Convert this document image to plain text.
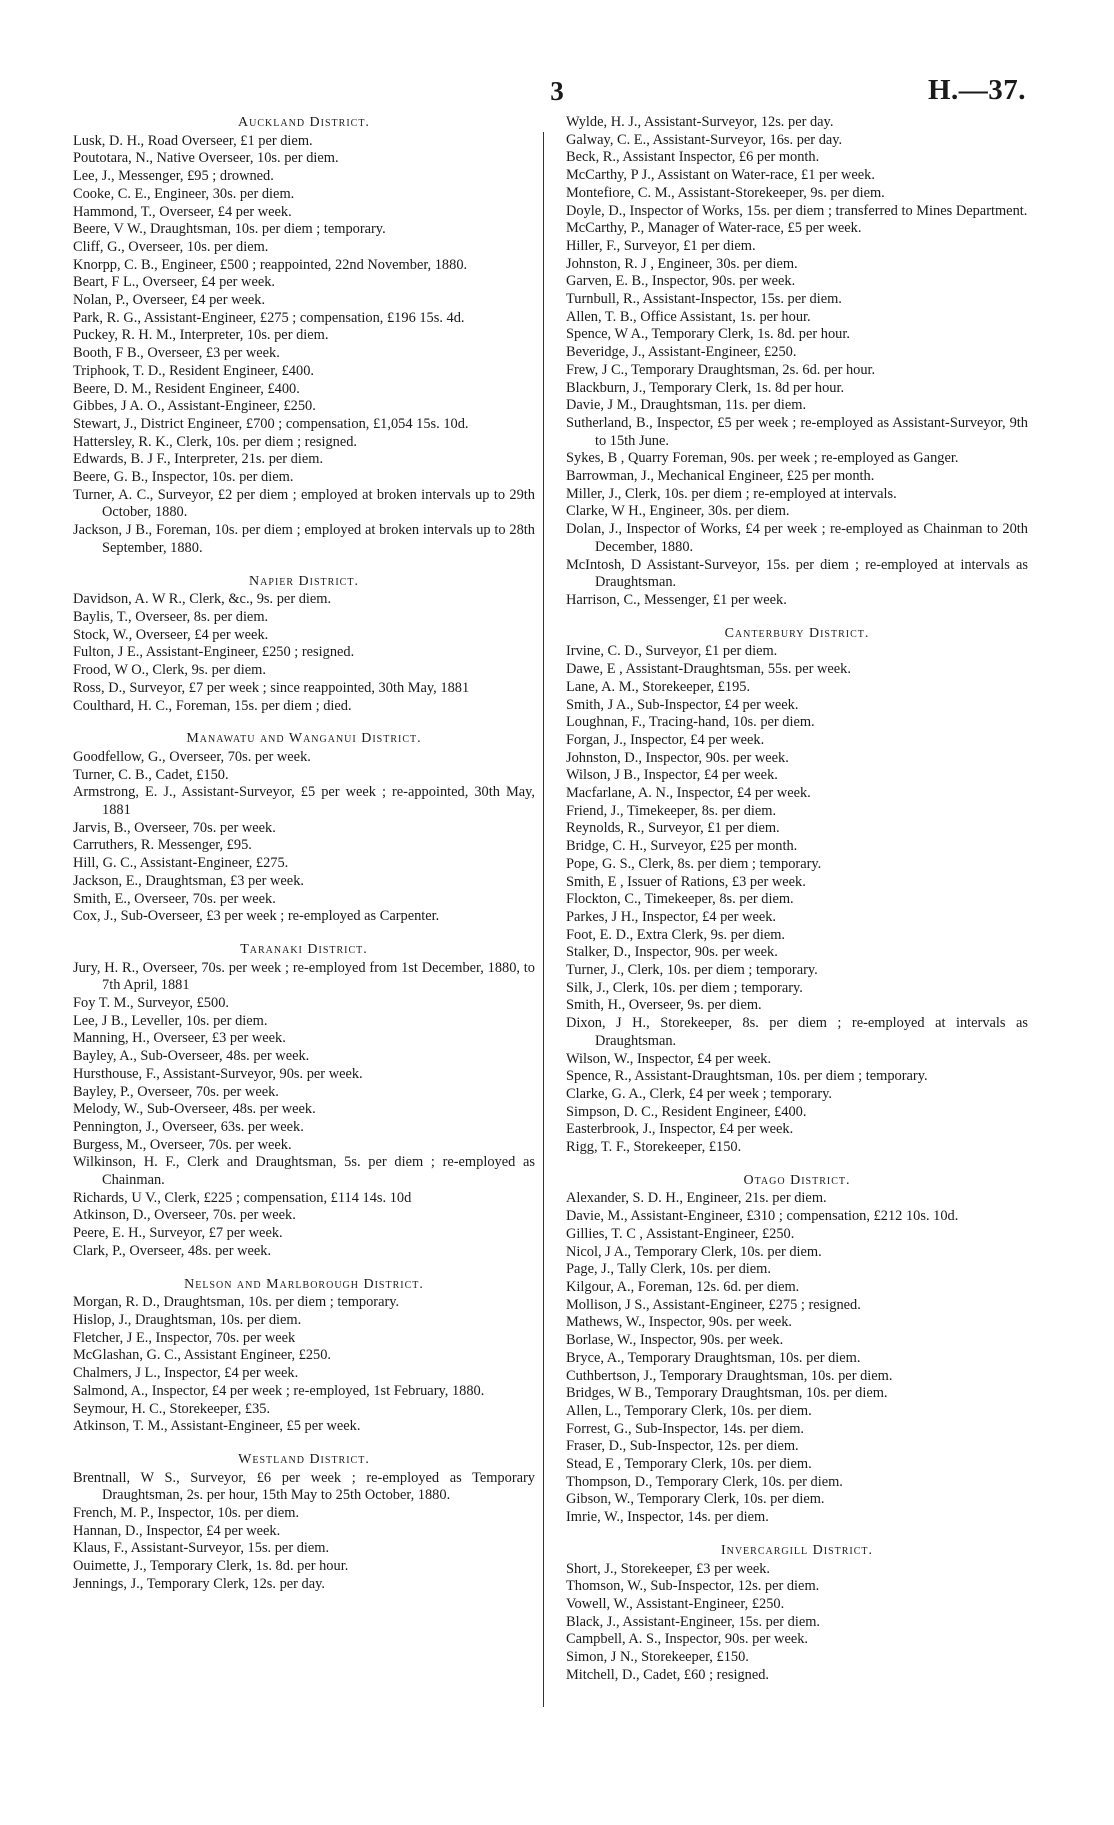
3	H.—37.
Auckland District.
Lusk, D. H., Road Overseer, £1 per diem.
Poutotara, N., Native Overseer, 10s. per diem.
Lee, J., Messenger, £95 ; drowned.
Cooke, C. E., Engineer, 30s. per diem.
Hammond, T., Overseer, £4 per week.
Beere, V W., Draughtsman, 10s. per diem ; temporary.
Cliff, G., Overseer, 10s. per diem.
Knorpp, C. B., Engineer, £500 ; reappointed, 22nd November, 1880.
Beart, F L., Overseer, £4 per week.
Nolan, P., Overseer, £4 per week.
Park, R. G., Assistant-Engineer, £275 ; compensation, £196 15s. 4d.
Puckey, R. H. M., Interpreter, 10s. per diem.
Booth, F B., Overseer, £3 per week.
Triphook, T. D., Resident Engineer, £400.
Beere, D. M., Resident Engineer, £400.
Gibbes, J A. O., Assistant-Engineer, £250.
Stewart, J., District Engineer, £700 ; compensation, £1,054 15s. 10d.
Hattersley, R. K., Clerk, 10s. per diem ; resigned.
Edwards, B. J F., Interpreter, 21s. per diem.
Beere, G. B., Inspector, 10s. per diem.
Turner, A. C., Surveyor, £2 per diem ; employed at broken intervals up to 29th October, 1880.
Jackson, J B., Foreman, 10s. per diem ; employed at broken intervals up to 28th September, 1880.
Napier District.
Davidson, A. W R., Clerk, &c., 9s. per diem.
Baylis, T., Overseer, 8s. per diem.
Stock, W., Overseer, £4 per week.
Fulton, J E., Assistant-Engineer, £250 ; resigned.
Frood, W O., Clerk, 9s. per diem.
Ross, D., Surveyor, £7 per week ; since reappointed, 30th May, 1881
Coulthard, H. C., Foreman, 15s. per diem ; died.
Manawatu and Wanganui District.
Goodfellow, G., Overseer, 70s. per week.
Turner, C. B., Cadet, £150.
Armstrong, E. J., Assistant-Surveyor, £5 per week ; re-appointed, 30th May, 1881
Jarvis, B., Overseer, 70s. per week.
Carruthers, R. Messenger, £95.
Hill, G. C., Assistant-Engineer, £275.
Jackson, E., Draughtsman, £3 per week.
Smith, E., Overseer, 70s. per week.
Cox, J., Sub-Overseer, £3 per week ; re-employed as Carpenter.
Taranaki District.
Jury, H. R., Overseer, 70s. per week ; re-employed from 1st December, 1880, to 7th April, 1881
Foy T. M., Surveyor, £500.
Lee, J B., Leveller, 10s. per diem.
Manning, H., Overseer, £3 per week.
Bayley, A., Sub-Overseer, 48s. per week.
Hursthouse, F., Assistant-Surveyor, 90s. per week.
Bayley, P., Overseer, 70s. per week.
Melody, W., Sub-Overseer, 48s. per week.
Pennington, J., Overseer, 63s. per week.
Burgess, M., Overseer, 70s. per week.
Wilkinson, H. F., Clerk and Draughtsman, 5s. per diem ; re-employed as Chainman.
Richards, U V., Clerk, £225 ; compensation, £114 14s. 10d
Atkinson, D., Overseer, 70s. per week.
Peere, E. H., Surveyor, £7 per week.
Clark, P., Overseer, 48s. per week.
Nelson and Marlborough District.
Morgan, R. D., Draughtsman, 10s. per diem ; temporary.
Hislop, J., Draughtsman, 10s. per diem.
Fletcher, J E., Inspector, 70s. per week
McGlashan, G. C., Assistant Engineer, £250.
Chalmers, J L., Inspector, £4 per week.
Salmond, A., Inspector, £4 per week ; re-employed, 1st February, 1880.
Seymour, H. C., Storekeeper, £35.
Atkinson, T. M., Assistant-Engineer, £5 per week.
Westland District.
Brentnall, W S., Surveyor, £6 per week ; re-employed as Temporary Draughtsman, 2s. per hour, 15th May to 25th October, 1880.
French, M. P., Inspector, 10s. per diem.
Hannan, D., Inspector, £4 per week.
Klaus, F., Assistant-Surveyor, 15s. per diem.
Ouimette, J., Temporary Clerk, 1s. 8d. per hour.
Jennings, J., Temporary Clerk, 12s. per day.
Wylde, H. J., Assistant-Surveyor, 12s. per day.
Galway, C. E., Assistant-Surveyor, 16s. per day.
Beck, R., Assistant Inspector, £6 per month.
McCarthy, P J., Assistant on Water-race, £1 per week.
Montefiore, C. M., Assistant-Storekeeper, 9s. per diem.
Doyle, D., Inspector of Works, 15s. per diem ; transferred to Mines Department.
McCarthy, P., Manager of Water-race, £5 per week.
Hiller, F., Surveyor, £1 per diem.
Johnston, R. J , Engineer, 30s. per diem.
Garven, E. B., Inspector, 90s. per week.
Turnbull, R., Assistant-Inspector, 15s. per diem.
Allen, T. B., Office Assistant, 1s. per hour.
Spence, W A., Temporary Clerk, 1s. 8d. per hour.
Beveridge, J., Assistant-Engineer, £250.
Frew, J C., Temporary Draughtsman, 2s. 6d. per hour.
Blackburn, J., Temporary Clerk, 1s. 8d per hour.
Davie, J M., Draughtsman, 11s. per diem.
Sutherland, B., Inspector, £5 per week ; re-employed as Assistant-Surveyor, 9th to 15th June.
Sykes, B , Quarry Foreman, 90s. per week ; re-employed as Ganger.
Barrowman, J., Mechanical Engineer, £25 per month.
Miller, J., Clerk, 10s. per diem ; re-employed at intervals.
Clarke, W H., Engineer, 30s. per diem.
Dolan, J., Inspector of Works, £4 per week ; re-employed as Chainman to 20th December, 1880.
McIntosh, D Assistant-Surveyor, 15s. per diem ; re-employed at intervals as Draughtsman.
Harrison, C., Messenger, £1 per week.
Canterbury District.
Irvine, C. D., Surveyor, £1 per diem.
Dawe, E , Assistant-Draughtsman, 55s. per week.
Lane, A. M., Storekeeper, £195.
Smith, J A., Sub-Inspector, £4 per week.
Loughnan, F., Tracing-hand, 10s. per diem.
Forgan, J., Inspector, £4 per week.
Johnston, D., Inspector, 90s. per week.
Wilson, J B., Inspector, £4 per week.
Macfarlane, A. N., Inspector, £4 per week.
Friend, J., Timekeeper, 8s. per diem.
Reynolds, R., Surveyor, £1 per diem.
Bridge, C. H., Surveyor, £25 per month.
Pope, G. S., Clerk, 8s. per diem ; temporary.
Smith, E , Issuer of Rations, £3 per week.
Flockton, C., Timekeeper, 8s. per diem.
Parkes, J H., Inspector, £4 per week.
Foot, E. D., Extra Clerk, 9s. per diem.
Stalker, D., Inspector, 90s. per week.
Turner, J., Clerk, 10s. per diem ; temporary.
Silk, J., Clerk, 10s. per diem ; temporary.
Smith, H., Overseer, 9s. per diem.
Dixon, J H., Storekeeper, 8s. per diem ; re-employed at intervals as Draughtsman.
Wilson, W., Inspector, £4 per week.
Spence, R., Assistant-Draughtsman, 10s. per diem ; temporary.
Clarke, G. A., Clerk, £4 per week ; temporary.
Simpson, D. C., Resident Engineer, £400.
Easterbrook, J., Inspector, £4 per week.
Rigg, T. F., Storekeeper, £150.
Otago District.
Alexander, S. D. H., Engineer, 21s. per diem.
Davie, M., Assistant-Engineer, £310 ; compensation, £212 10s. 10d.
Gillies, T. C , Assistant-Engineer, £250.
Nicol, J A., Temporary Clerk, 10s. per diem.
Page, J., Tally Clerk, 10s. per diem.
Kilgour, A., Foreman, 12s. 6d. per diem.
Mollison, J S., Assistant-Engineer, £275 ; resigned.
Mathews, W., Inspector, 90s. per week.
Borlase, W., Inspector, 90s. per week.
Bryce, A., Temporary Draughtsman, 10s. per diem.
Cuthbertson, J., Temporary Draughtsman, 10s. per diem.
Bridges, W B., Temporary Draughtsman, 10s. per diem.
Allen, L., Temporary Clerk, 10s. per diem.
Forrest, G., Sub-Inspector, 14s. per diem.
Fraser, D., Sub-Inspector, 12s. per diem.
Stead, E , Temporary Clerk, 10s. per diem.
Thompson, D., Temporary Clerk, 10s. per diem.
Gibson, W., Temporary Clerk, 10s. per diem.
Imrie, W., Inspector, 14s. per diem.
Invercargill District.
Short, J., Storekeeper, £3 per week.
Thomson, W., Sub-Inspector, 12s. per diem.
Vowell, W., Assistant-Engineer, £250.
Black, J., Assistant-Engineer, 15s. per diem.
Campbell, A. S., Inspector, 90s. per week.
Simon, J N., Storekeeper, £150.
Mitchell, D., Cadet, £60 ; resigned.
